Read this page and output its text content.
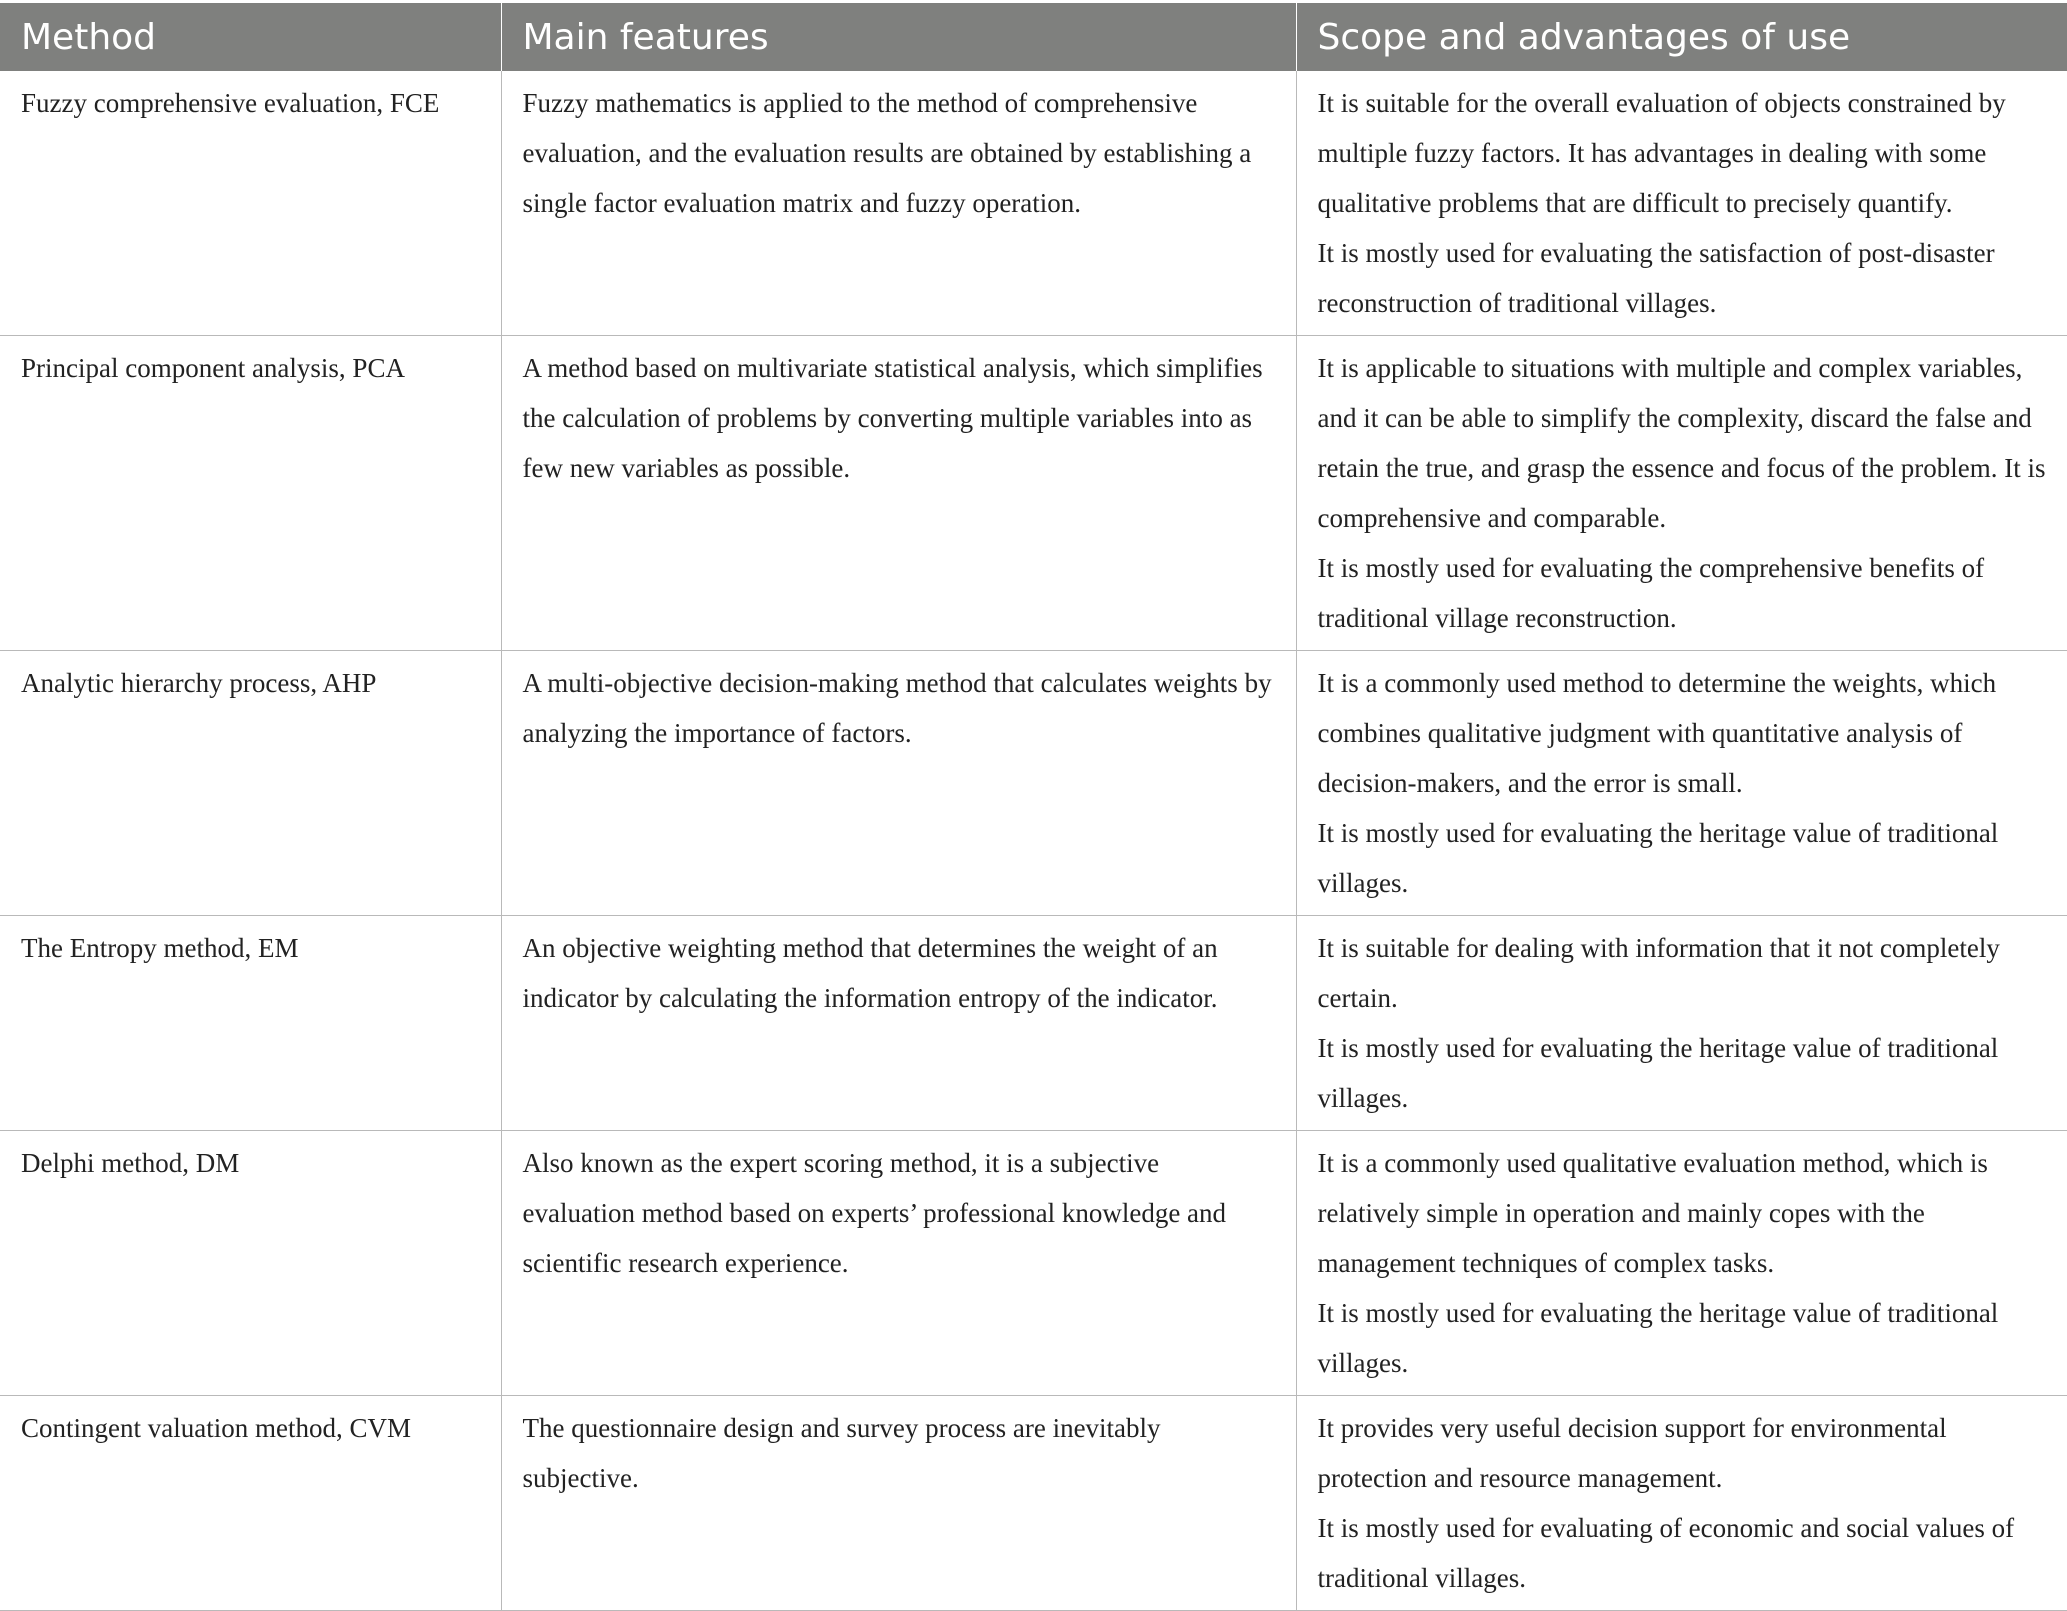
Method	Main features	Scope and advantages of use
Fuzzy comprehensive evaluation, FCE	Fuzzy mathematics is applied to the method of comprehensive evaluation, and the evaluation results are obtained by establishing a single factor evaluation matrix and fuzzy operation.	It is suitable for the overall evaluation of objects constrained by multiple fuzzy factors. It has advantages in dealing with some qualitative problems that are difficult to precisely quantify.

It is mostly used for evaluating the satisfaction of post-disaster reconstruction of traditional villages.

Principal component analysis, PCA	A method based on multivariate statistical analysis, which simplifies the calculation of problems by converting multiple variables into as few new variables as possible.	It is applicable to situations with multiple and complex variables, and it can be able to simplify the complexity, discard the false and retain the true, and grasp the essence and focus of the problem. It is comprehensive and comparable.

It is mostly used for evaluating the comprehensive benefits of traditional village reconstruction.

Analytic hierarchy process, AHP	A multi-objective decision-making method that calculates weights by analyzing the importance of factors.	It is a commonly used method to determine the weights, which combines qualitative judgment with quantitative analysis of decision-makers, and the error is small.

It is mostly used for evaluating the heritage value of traditional villages.

The Entropy method, EM	An objective weighting method that determines the weight of an indicator by calculating the information entropy of the indicator.	It is suitable for dealing with information that it not completely certain.

It is mostly used for evaluating the heritage value of traditional villages.

Delphi method, DM	Also known as the expert scoring method, it is a subjective evaluation method based on experts’ professional knowledge and scientific research experience.	It is a commonly used qualitative evaluation method, which is relatively simple in operation and mainly copes with the management techniques of complex tasks.

It is mostly used for evaluating the heritage value of traditional villages.

Contingent valuation method, CVM	The questionnaire design and survey process are inevitably subjective.	It provides very useful decision support for environmental protection and resource management.

It is mostly used for evaluating of economic and social values of traditional villages.
